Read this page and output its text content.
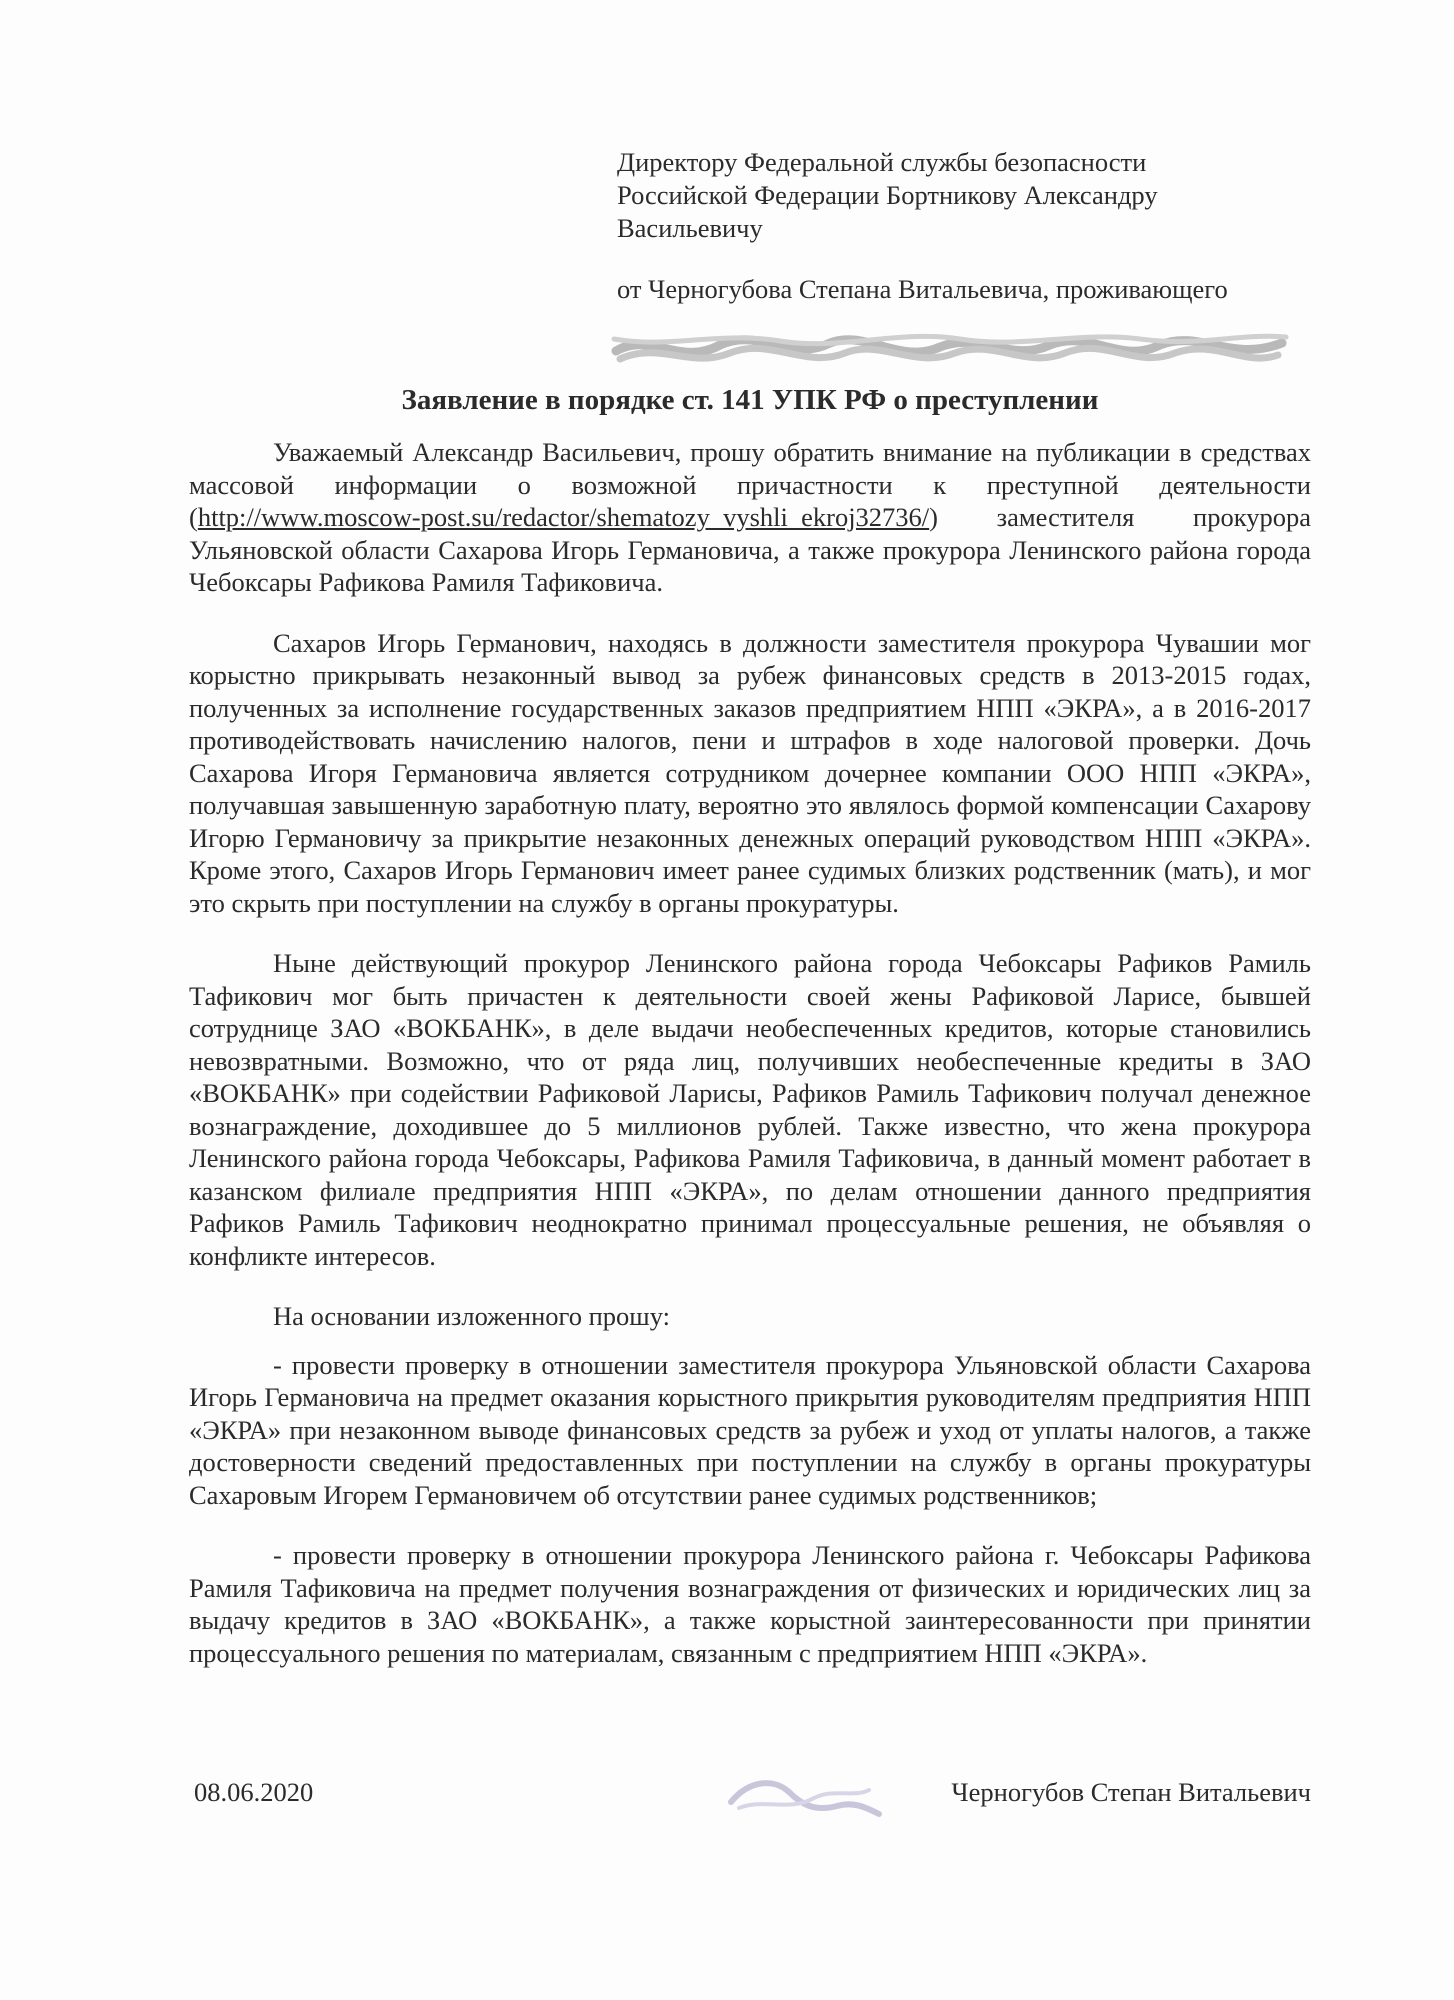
Директору Федеральной службы безопасности

Российской Федерации Бортникову Александру

Васильевичу

от Черногубова Степана Витальевича, проживающего

Заявление в порядке ст. 141 УПК РФ о преступлении

Уважаемый Александр Васильевич, прошу обратить внимание на публикации в средствах массовой информации о возможной причастности к преступной деятельности (http://www.moscow-post.su/redactor/shematozy_vyshli_ekroj32736/) заместителя прокурора Ульяновской области Сахарова Игорь Германовича, а также прокурора Ленинского района города Чебоксары Рафикова Рамиля Тафиковича.

Сахаров Игорь Германович, находясь в должности заместителя прокурора Чувашии мог корыстно прикрывать незаконный вывод за рубеж финансовых средств в 2013-2015 годах, полученных за исполнение государственных заказов предприятием НПП «ЭКРА», а в 2016-2017 противодействовать начислению налогов, пени и штрафов в ходе налоговой проверки. Дочь Сахарова Игоря Германовича является сотрудником дочернее компании ООО НПП «ЭКРА», получавшая завышенную заработную плату, вероятно это являлось формой компенсации Сахарову Игорю Германовичу за прикрытие незаконных денежных операций руководством НПП «ЭКРА». Кроме этого, Сахаров Игорь Германович имеет ранее судимых близких родственник (мать), и мог это скрыть при поступлении на службу в органы прокуратуры.

Ныне действующий прокурор Ленинского района города Чебоксары Рафиков Рамиль Тафикович мог быть причастен к деятельности своей жены Рафиковой Ларисе, бывшей сотруднице ЗАО «ВОКБАНК», в деле выдачи необеспеченных кредитов, которые становились невозвратными. Возможно, что от ряда лиц, получивших необеспеченные кредиты в ЗАО «ВОКБАНК» при содействии Рафиковой Ларисы, Рафиков Рамиль Тафикович получал денежное вознаграждение, доходившее до 5 миллионов рублей. Также известно, что жена прокурора Ленинского района города Чебоксары, Рафикова Рамиля Тафиковича, в данный момент работает в казанском филиале предприятия НПП «ЭКРА», по делам отношении данного предприятия Рафиков Рамиль Тафикович неоднократно принимал процессуальные решения, не объявляя о конфликте интересов.

На основании изложенного прошу:

- провести проверку в отношении заместителя прокурора Ульяновской области Сахарова Игорь Германовича на предмет оказания корыстного прикрытия руководителям предприятия НПП «ЭКРА» при незаконном выводе финансовых средств за рубеж и уход от уплаты налогов, а также достоверности сведений предоставленных при поступлении на службу в органы прокуратуры Сахаровым Игорем Германовичем об отсутствии ранее судимых родственников;

- провести проверку в отношении прокурора Ленинского района г. Чебоксары Рафикова Рамиля Тафиковича на предмет получения вознаграждения от физических и юридических лиц за выдачу кредитов в ЗАО «ВОКБАНК», а также корыстной заинтересованности при принятии процессуального решения по материалам, связанным с предприятием НПП «ЭКРА».

08.06.2020	Черногубов Степан Витальевич
